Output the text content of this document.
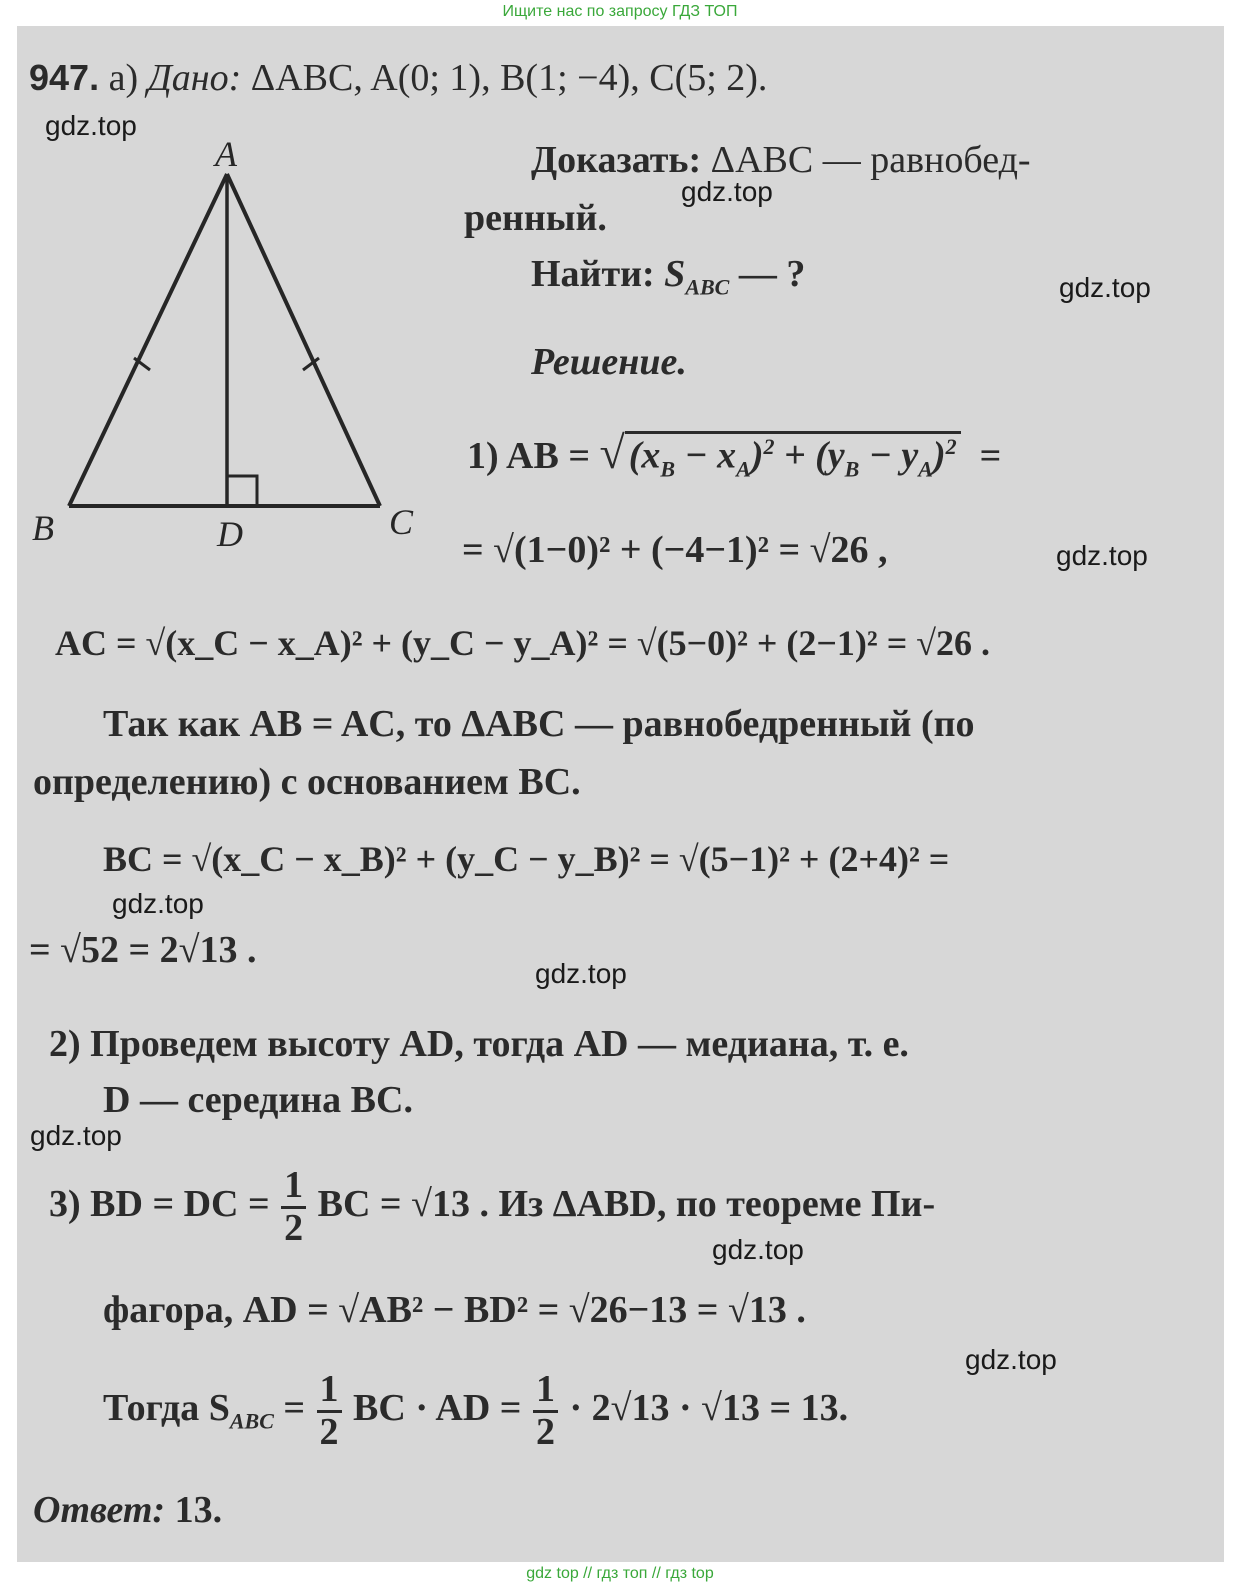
Ищите нас по запросу ГДЗ ТОП
947. а) Дано: ΔABC, A(0; 1), B(1; −4), C(5; 2).
A
B	C
D
Доказать: ΔABC — равнобед-
ренный.
Найти: $S_{ABC}$ — ?
Решение.
1) AB = √ $(x_B - x_A)^2 + (y_B - y_A)^2$  =
= √(1−0)² + (−4−1)² = √26 ,
AC = √(x_C − x_A)² + (y_C − y_A)² = √(5−0)² + (2−1)² = √26 .
Так как AB = AC, то ΔABC — равнобедренный (по
определению) с основанием BC.
BC = √(x_C − x_B)² + (y_C − y_B)² = √(5−1)² + (2+4)² =
= √52 = 2√13 .
2) Проведем высоту AD, тогда AD — медиана, т. е.
D — середина BC.
3) BD = DC = $\frac{1}{2}$ BC = √13 . Из ΔABD, по теореме Пи-
фагора, AD = √AB² − BD² = √26−13 = √13 .
Тогда $S_{ABC} = \frac{1}{2}$ BC · AD = $\frac{1}{2} \cdot 2√13 \cdot √13 = 13$.
Ответ: 13.
gdz.top
gdz.top
gdz.top
gdz.top
gdz.top
gdz.top
gdz.top
gdz.top
gdz.top
gdz top // гдз топ // гдз top
